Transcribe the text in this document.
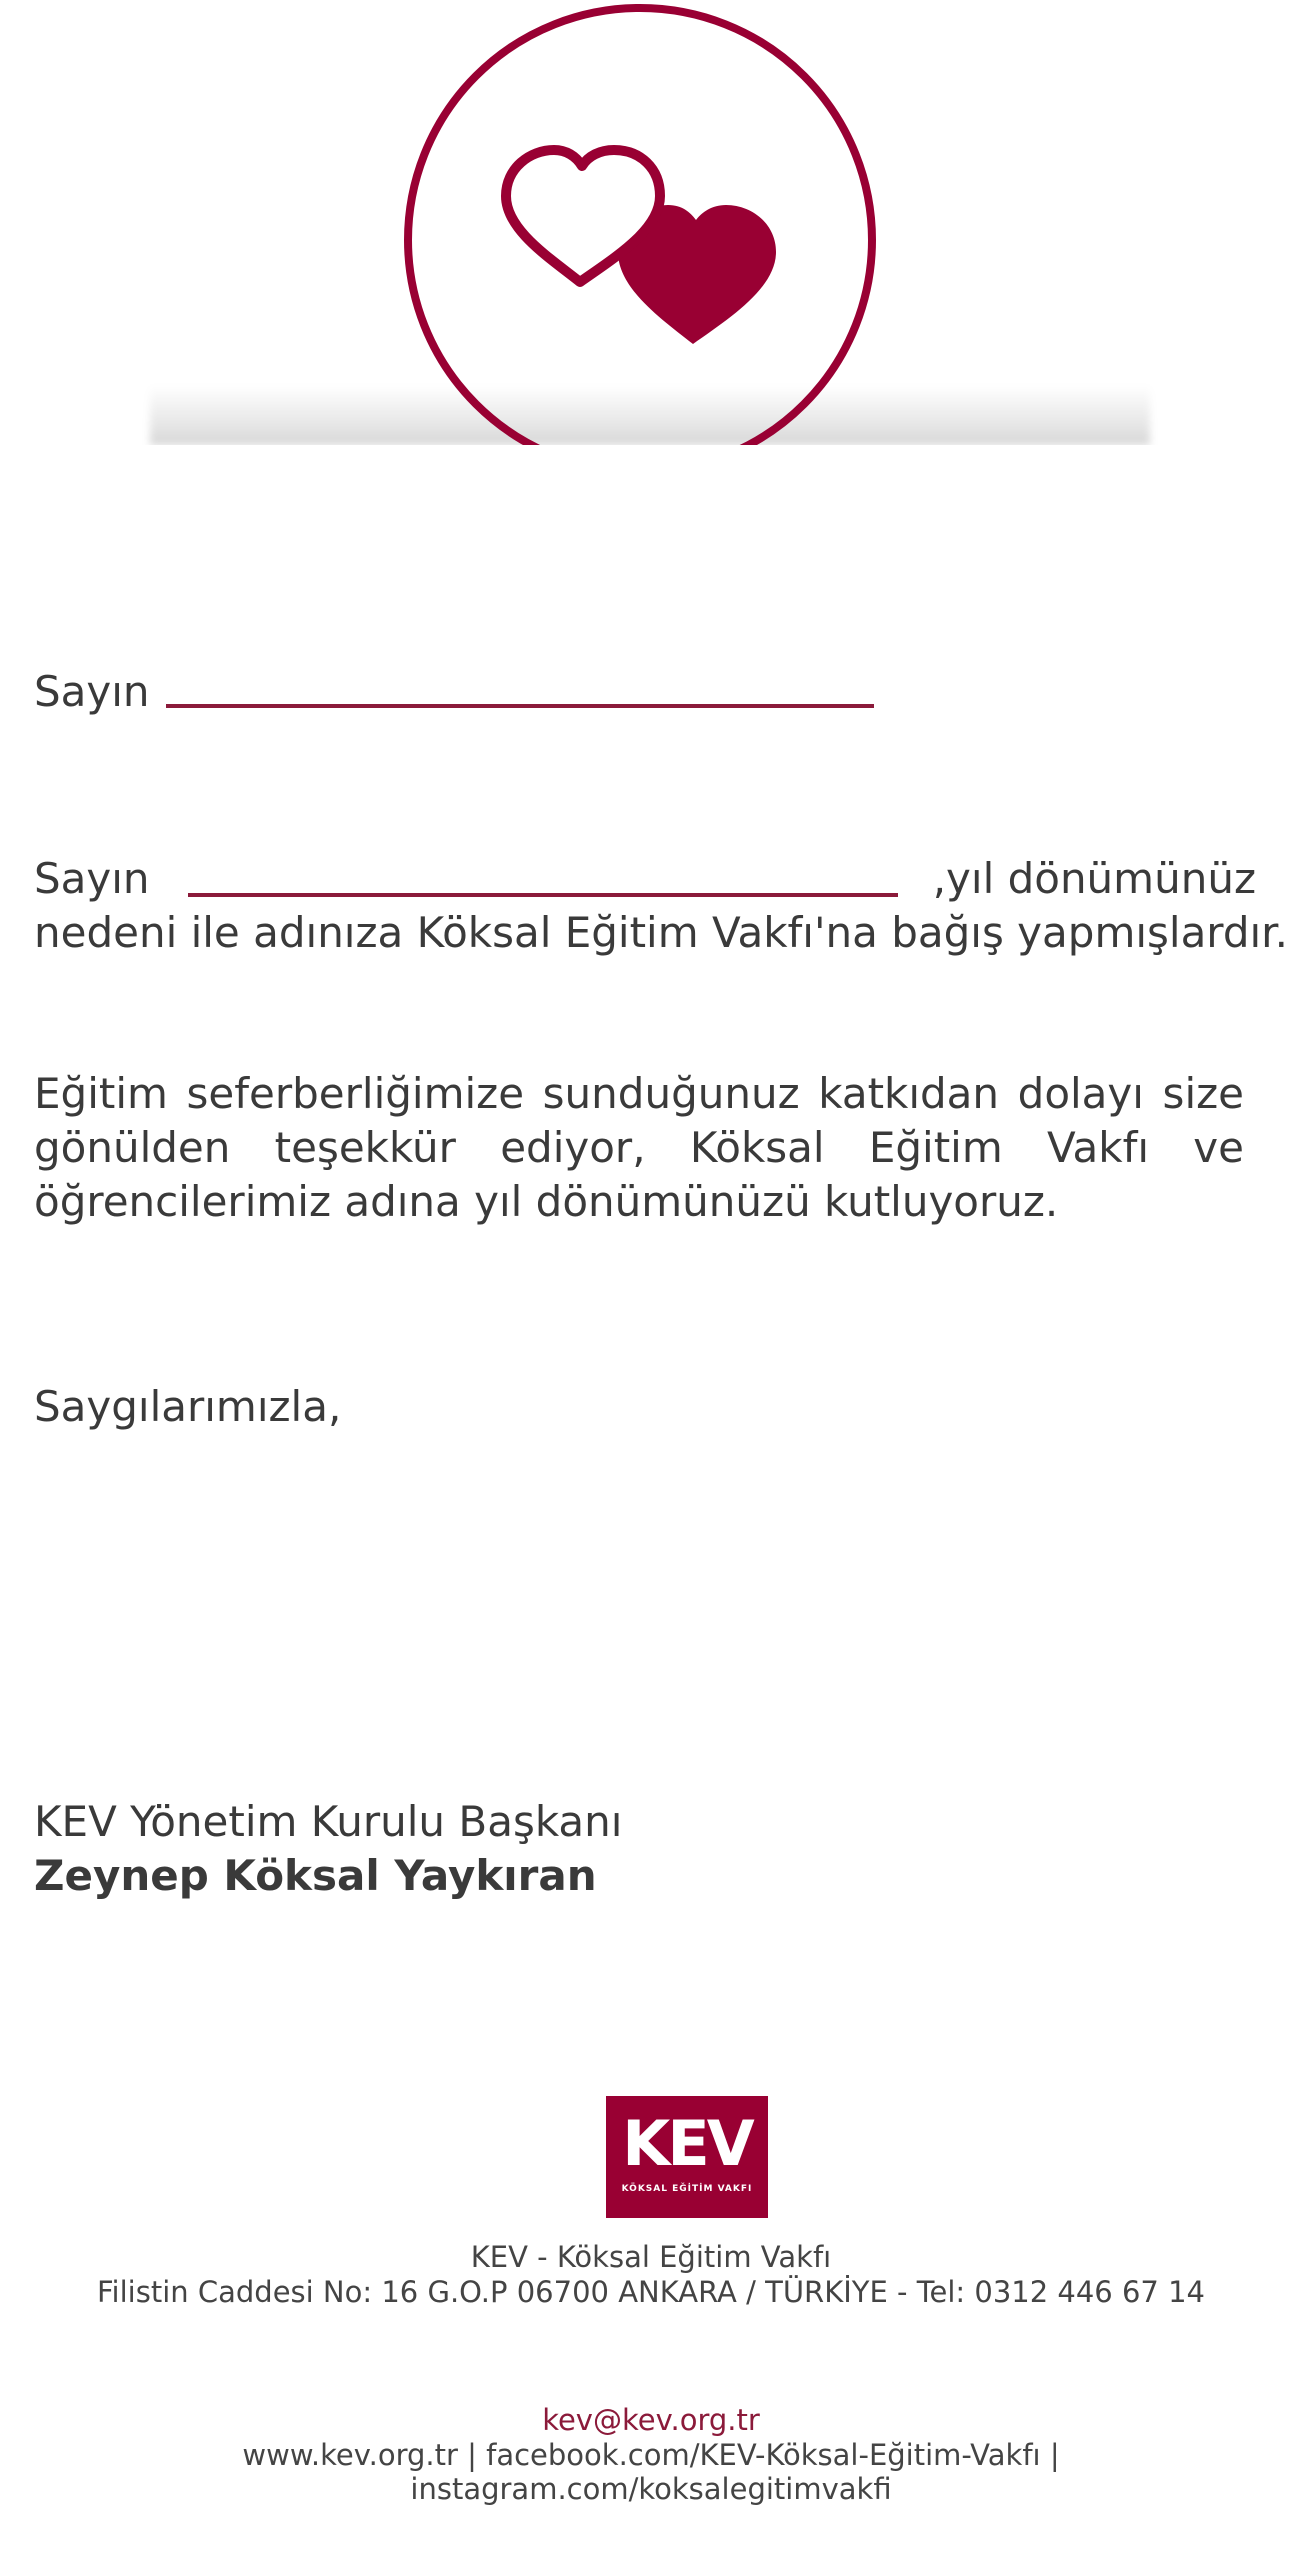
Sayın
Sayın	,yıl dönümünüz
nedeni ile adınıza Köksal Eğitim Vakfı'na bağış yapmışlardır.
Eğitim seferberliğimize sunduğunuz katkıdan dolayı size gönülden teşekkür ediyor, Köksal Eğitim Vakfı ve öğrencilerimiz adına yıl dönümünüzü kutluyoruz.
Saygılarımızla,
KEV Yönetim Kurulu Başkanı
Zeynep Köksal Yaykıran
KEV
KÖKSAL EĞİTİM VAKFI
KEV - Köksal Eğitim Vakfı
Filistin Caddesi No: 16 G.O.P 06700 ANKARA / TÜRKİYE - Tel: 0312 446 67 14
kev@kev.org.tr
www.kev.org.tr | facebook.com/KEV-Köksal-Eğitim-Vakfı | instagram.com/koksalegitimvakfi
